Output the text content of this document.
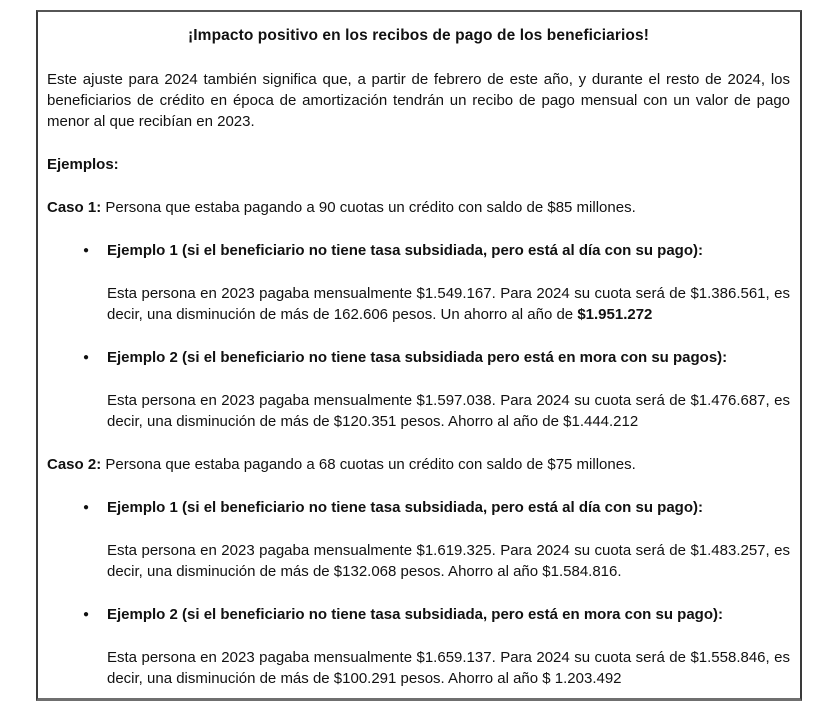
¡Impacto positivo en los recibos de pago de los beneficiarios!

Este ajuste para 2024 también significa que, a partir de febrero de este año, y durante el resto de 2024, los beneficiarios de crédito en época de amortización tendrán un recibo de pago mensual con un valor de pago menor al que recibían en 2023.

Ejemplos:

Caso 1: Persona que estaba pagando a 90 cuotas un crédito con saldo de $85 millones.

●	Ejemplo 1 (si el beneficiario no tiene tasa subsidiada, pero está al día con su pago):

Esta persona en 2023 pagaba mensualmente $1.549.167. Para 2024 su cuota será de $1.386.561, es decir, una disminución de más de 162.606 pesos. Un ahorro al año de $1.951.272

●	Ejemplo 2 (si el beneficiario no tiene tasa subsidiada pero está en mora con su pagos):

Esta persona en 2023 pagaba mensualmente $1.597.038. Para 2024 su cuota será de $1.476.687, es decir, una disminución de más de $120.351 pesos. Ahorro al año de $1.444.212

Caso 2: Persona que estaba pagando a 68 cuotas un crédito con saldo de $75 millones.

●	Ejemplo 1 (si el beneficiario no tiene tasa subsidiada, pero está al día con su pago):

Esta persona en 2023 pagaba mensualmente $1.619.325. Para 2024 su cuota será de $1.483.257, es decir, una disminución de más de $132.068 pesos. Ahorro al año $1.584.816.

●	Ejemplo 2 (si el beneficiario no tiene tasa subsidiada, pero está en mora con su pago):

Esta persona en 2023 pagaba mensualmente $1.659.137. Para 2024 su cuota será de $1.558.846, es decir, una disminución de más de $100.291 pesos. Ahorro al año $ 1.203.492
